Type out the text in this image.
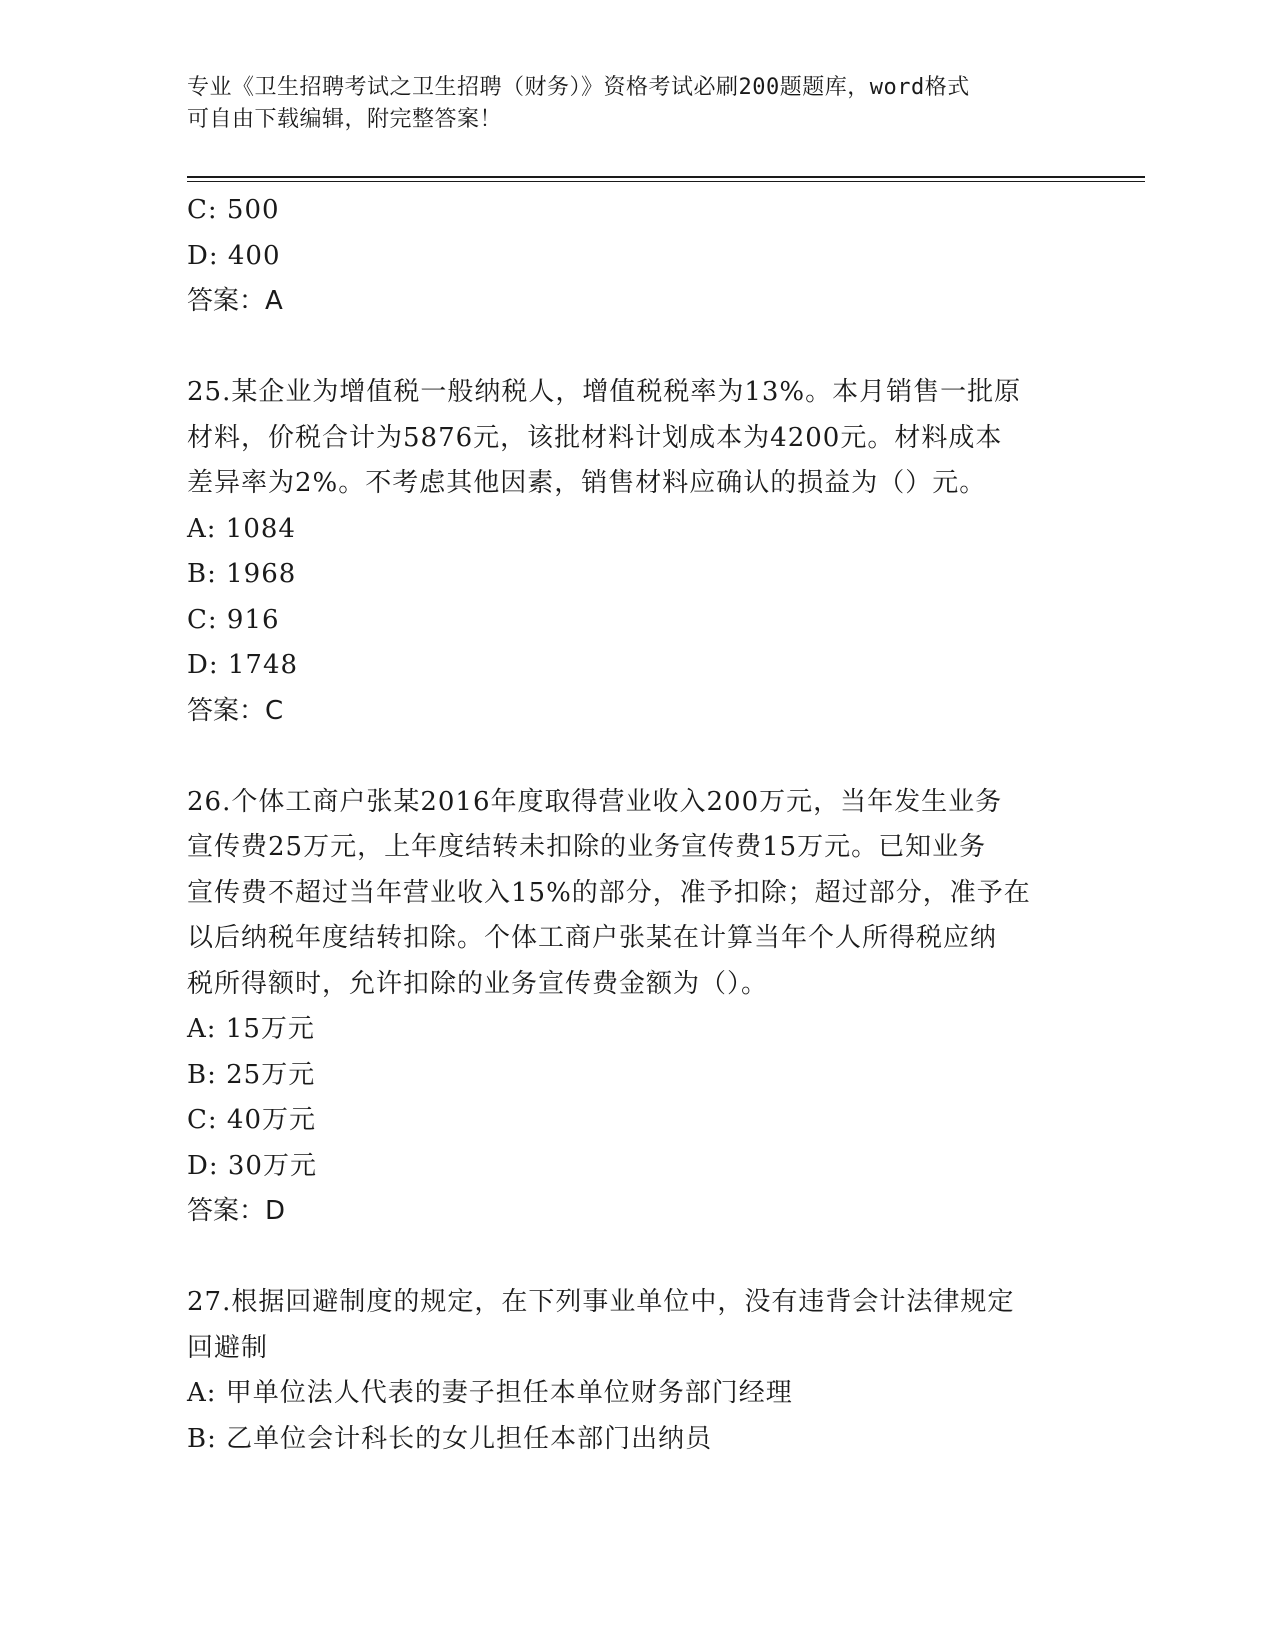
专业《卫生招聘考试之卫生招聘（财务）》资格考试必刷200题题库，word格式
可自由下载编辑，附完整答案！
C: 500
D: 400
答案：A
25.某企业为增值税一般纳税人，增值税税率为13%。本月销售一批原
材料，价税合计为5876元，该批材料计划成本为4200元。材料成本
差异率为2%。不考虑其他因素，销售材料应确认的损益为（）元。
A: 1084
B: 1968
C: 916
D: 1748
答案：C
26.个体工商户张某2016年度取得营业收入200万元，当年发生业务
宣传费25万元，上年度结转未扣除的业务宣传费15万元。已知业务
宣传费不超过当年营业收入15%的部分，准予扣除；超过部分，准予在
以后纳税年度结转扣除。个体工商户张某在计算当年个人所得税应纳
税所得额时，允许扣除的业务宣传费金额为（）。
A: 15万元
B: 25万元
C: 40万元
D: 30万元
答案：D
27.根据回避制度的规定，在下列事业单位中，没有违背会计法律规定
回避制
A: 甲单位法人代表的妻子担任本单位财务部门经理
B: 乙单位会计科长的女儿担任本部门出纳员
